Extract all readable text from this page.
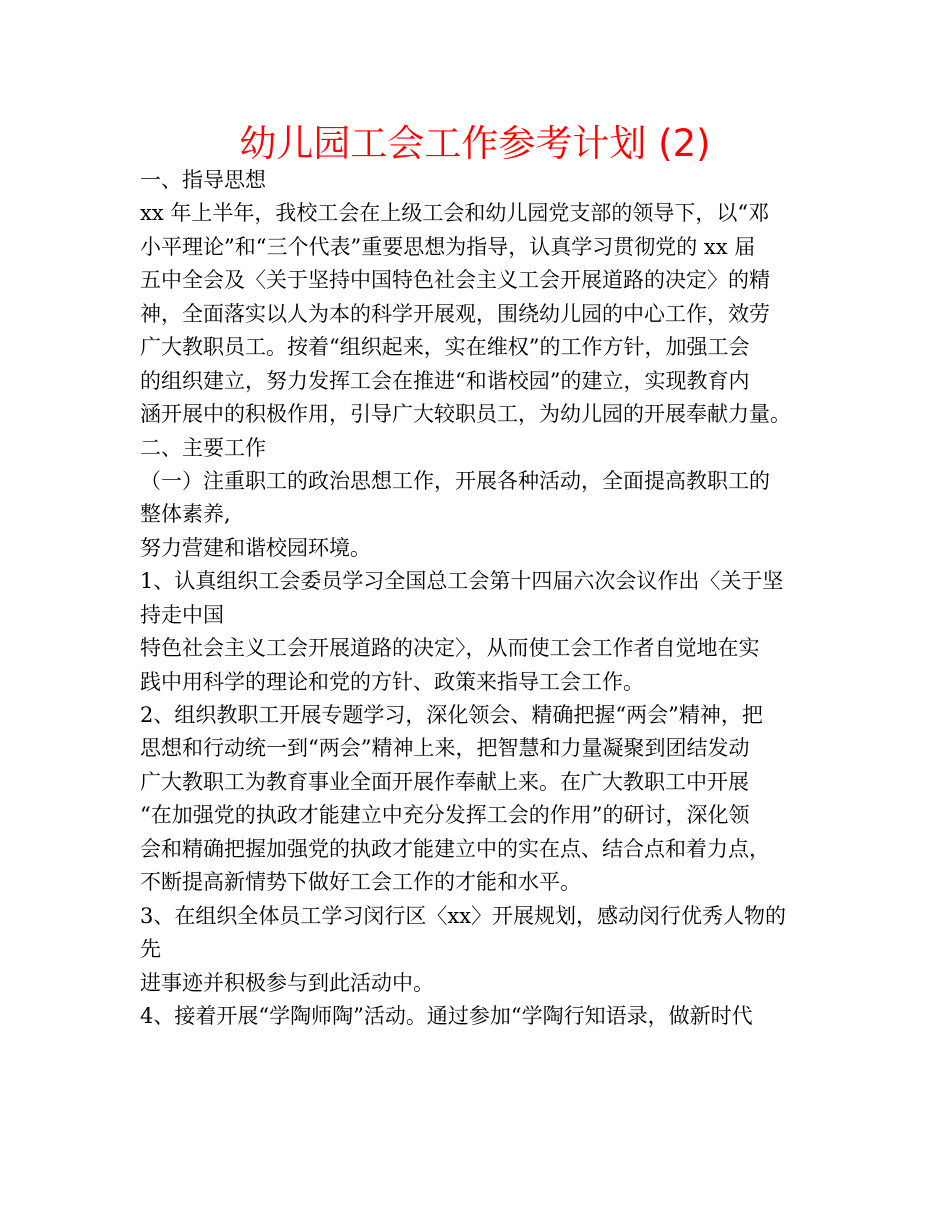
幼儿园工会工作参考计划 (2)
一、指导思想
xx 年上半年，我校工会在上级工会和幼儿园党支部的领导下，以“邓
小平理论”和“三个代表”重要思想为指导，认真学习贯彻党的 xx 届
五中全会及〈关于坚持中国特色社会主义工会开展道路的决定〉的精
神，全面落实以人为本的科学开展观，围绕幼儿园的中心工作，效劳
广大教职员工。按着“组织起来，实在维权”的工作方针，加强工会
的组织建立，努力发挥工会在推进“和谐校园”的建立，实现教育内
涵开展中的积极作用，引导广大较职员工，为幼儿园的开展奉献力量。
二、主要工作
（一）注重职工的政治思想工作，开展各种活动，全面提高教职工的
整体素养,
努力营建和谐校园环境。
1、认真组织工会委员学习全国总工会第十四届六次会议作出〈关于坚
持走中国
特色社会主义工会开展道路的决定〉，从而使工会工作者自觉地在实
践中用科学的理论和党的方针、政策来指导工会工作。
2、组织教职工开展专题学习，深化领会、精确把握“两会”精神，把
思想和行动统一到“两会”精神上来，把智慧和力量凝聚到团结发动
广大教职工为教育事业全面开展作奉献上来。在广大教职工中开展
“在加强党的执政才能建立中充分发挥工会的作用”的研讨，深化领
会和精确把握加强党的执政才能建立中的实在点、结合点和着力点，
不断提高新情势下做好工会工作的才能和水平。
3、在组织全体员工学习闵行区〈xx〉开展规划，感动闵行优秀人物的
先
进事迹并积极参与到此活动中。
4、接着开展“学陶师陶”活动。通过参加“学陶行知语录，做新时代
